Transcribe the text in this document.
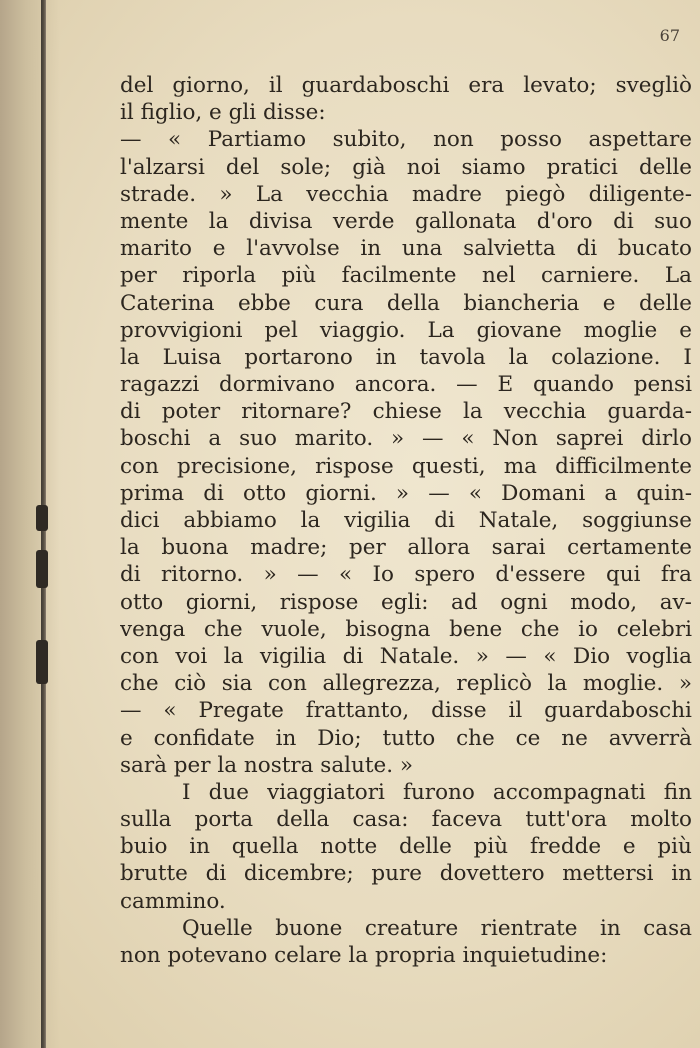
67
del giorno, il guardaboschi era levato; svegliò
il figlio, e gli disse:
— « Partiamo subito, non posso aspettare
l'alzarsi del sole; già noi siamo pratici delle
strade. » La vecchia madre piegò diligente-
mente la divisa verde gallonata d'oro di suo
marito e l'avvolse in una salvietta di bucato
per riporla più facilmente nel carniere. La
Caterina ebbe cura della biancheria e delle
provvigioni pel viaggio. La giovane moglie e
la Luisa portarono in tavola la colazione. I
ragazzi dormivano ancora. — E quando pensi
di poter ritornare? chiese la vecchia guarda-
boschi a suo marito. » — « Non saprei dirlo
con precisione, rispose questi, ma difficilmente
prima di otto giorni. » — « Domani a quin-
dici abbiamo la vigilia di Natale, soggiunse
la buona madre; per allora sarai certamente
di ritorno. » — « Io spero d'essere qui fra
otto giorni, rispose egli: ad ogni modo, av-
venga che vuole, bisogna bene che io celebri
con voi la vigilia di Natale. » — « Dio voglia
che ciò sia con allegrezza, replicò la moglie. »
— « Pregate frattanto, disse il guardaboschi
e confidate in Dio; tutto che ce ne avverrà
sarà per la nostra salute. »
I due viaggiatori furono accompagnati fin
sulla porta della casa: faceva tutt'ora molto
buio in quella notte delle più fredde e più
brutte di dicembre; pure dovettero mettersi in
cammino.
Quelle buone creature rientrate in casa
non potevano celare la propria inquietudine:
